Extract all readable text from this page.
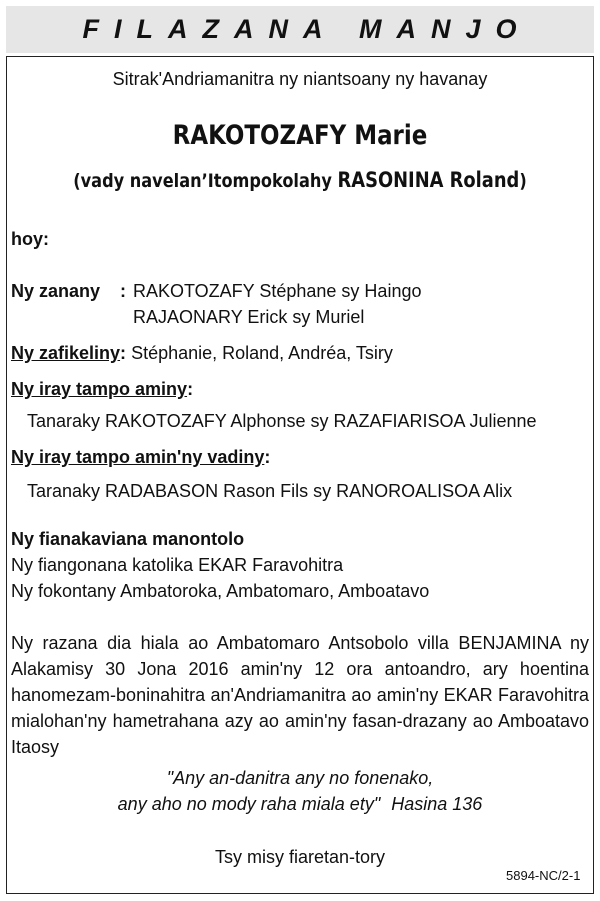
FILAZANA MANJO
Sitrak'Andriamanitra ny niantsoany ny havanay
RAKOTOZAFY Marie
(vady navelan’Itompokolahy RASONINA Roland)
hoy:
Ny zanany : RAKOTOZAFY Stéphane sy Haingo
RAJAONARY Erick sy Muriel
Ny zafikeliny: Stéphanie, Roland, Andréa, Tsiry
Ny iray tampo aminy:
Tanaraky RAKOTOZAFY Alphonse sy RAZAFIARISOA Julienne
Ny iray tampo amin'ny vadiny:
Taranaky RADABASON Rason Fils sy RANOROALISOA Alix
Ny fianakaviana manontolo
Ny fiangonana katolika EKAR Faravohitra
Ny fokontany Ambatoroka, Ambatomaro, Amboatavo
Ny razana dia hiala ao Ambatomaro Antsobolo villa BENJAMINA ny Alakamisy 30 Jona 2016 amin'ny 12 ora antoandro, ary hoentina hanomezam-boninahitra an'Andriamanitra ao amin'ny EKAR Faravohitra mialohan'ny hametrahana azy ao amin'ny fasan-drazany ao Amboatavo Itaosy
"Any an-danitra any no fonenako,
any aho no mody raha miala ety" Hasina 136
Tsy misy fiaretan-tory
5894-NC/2-1
